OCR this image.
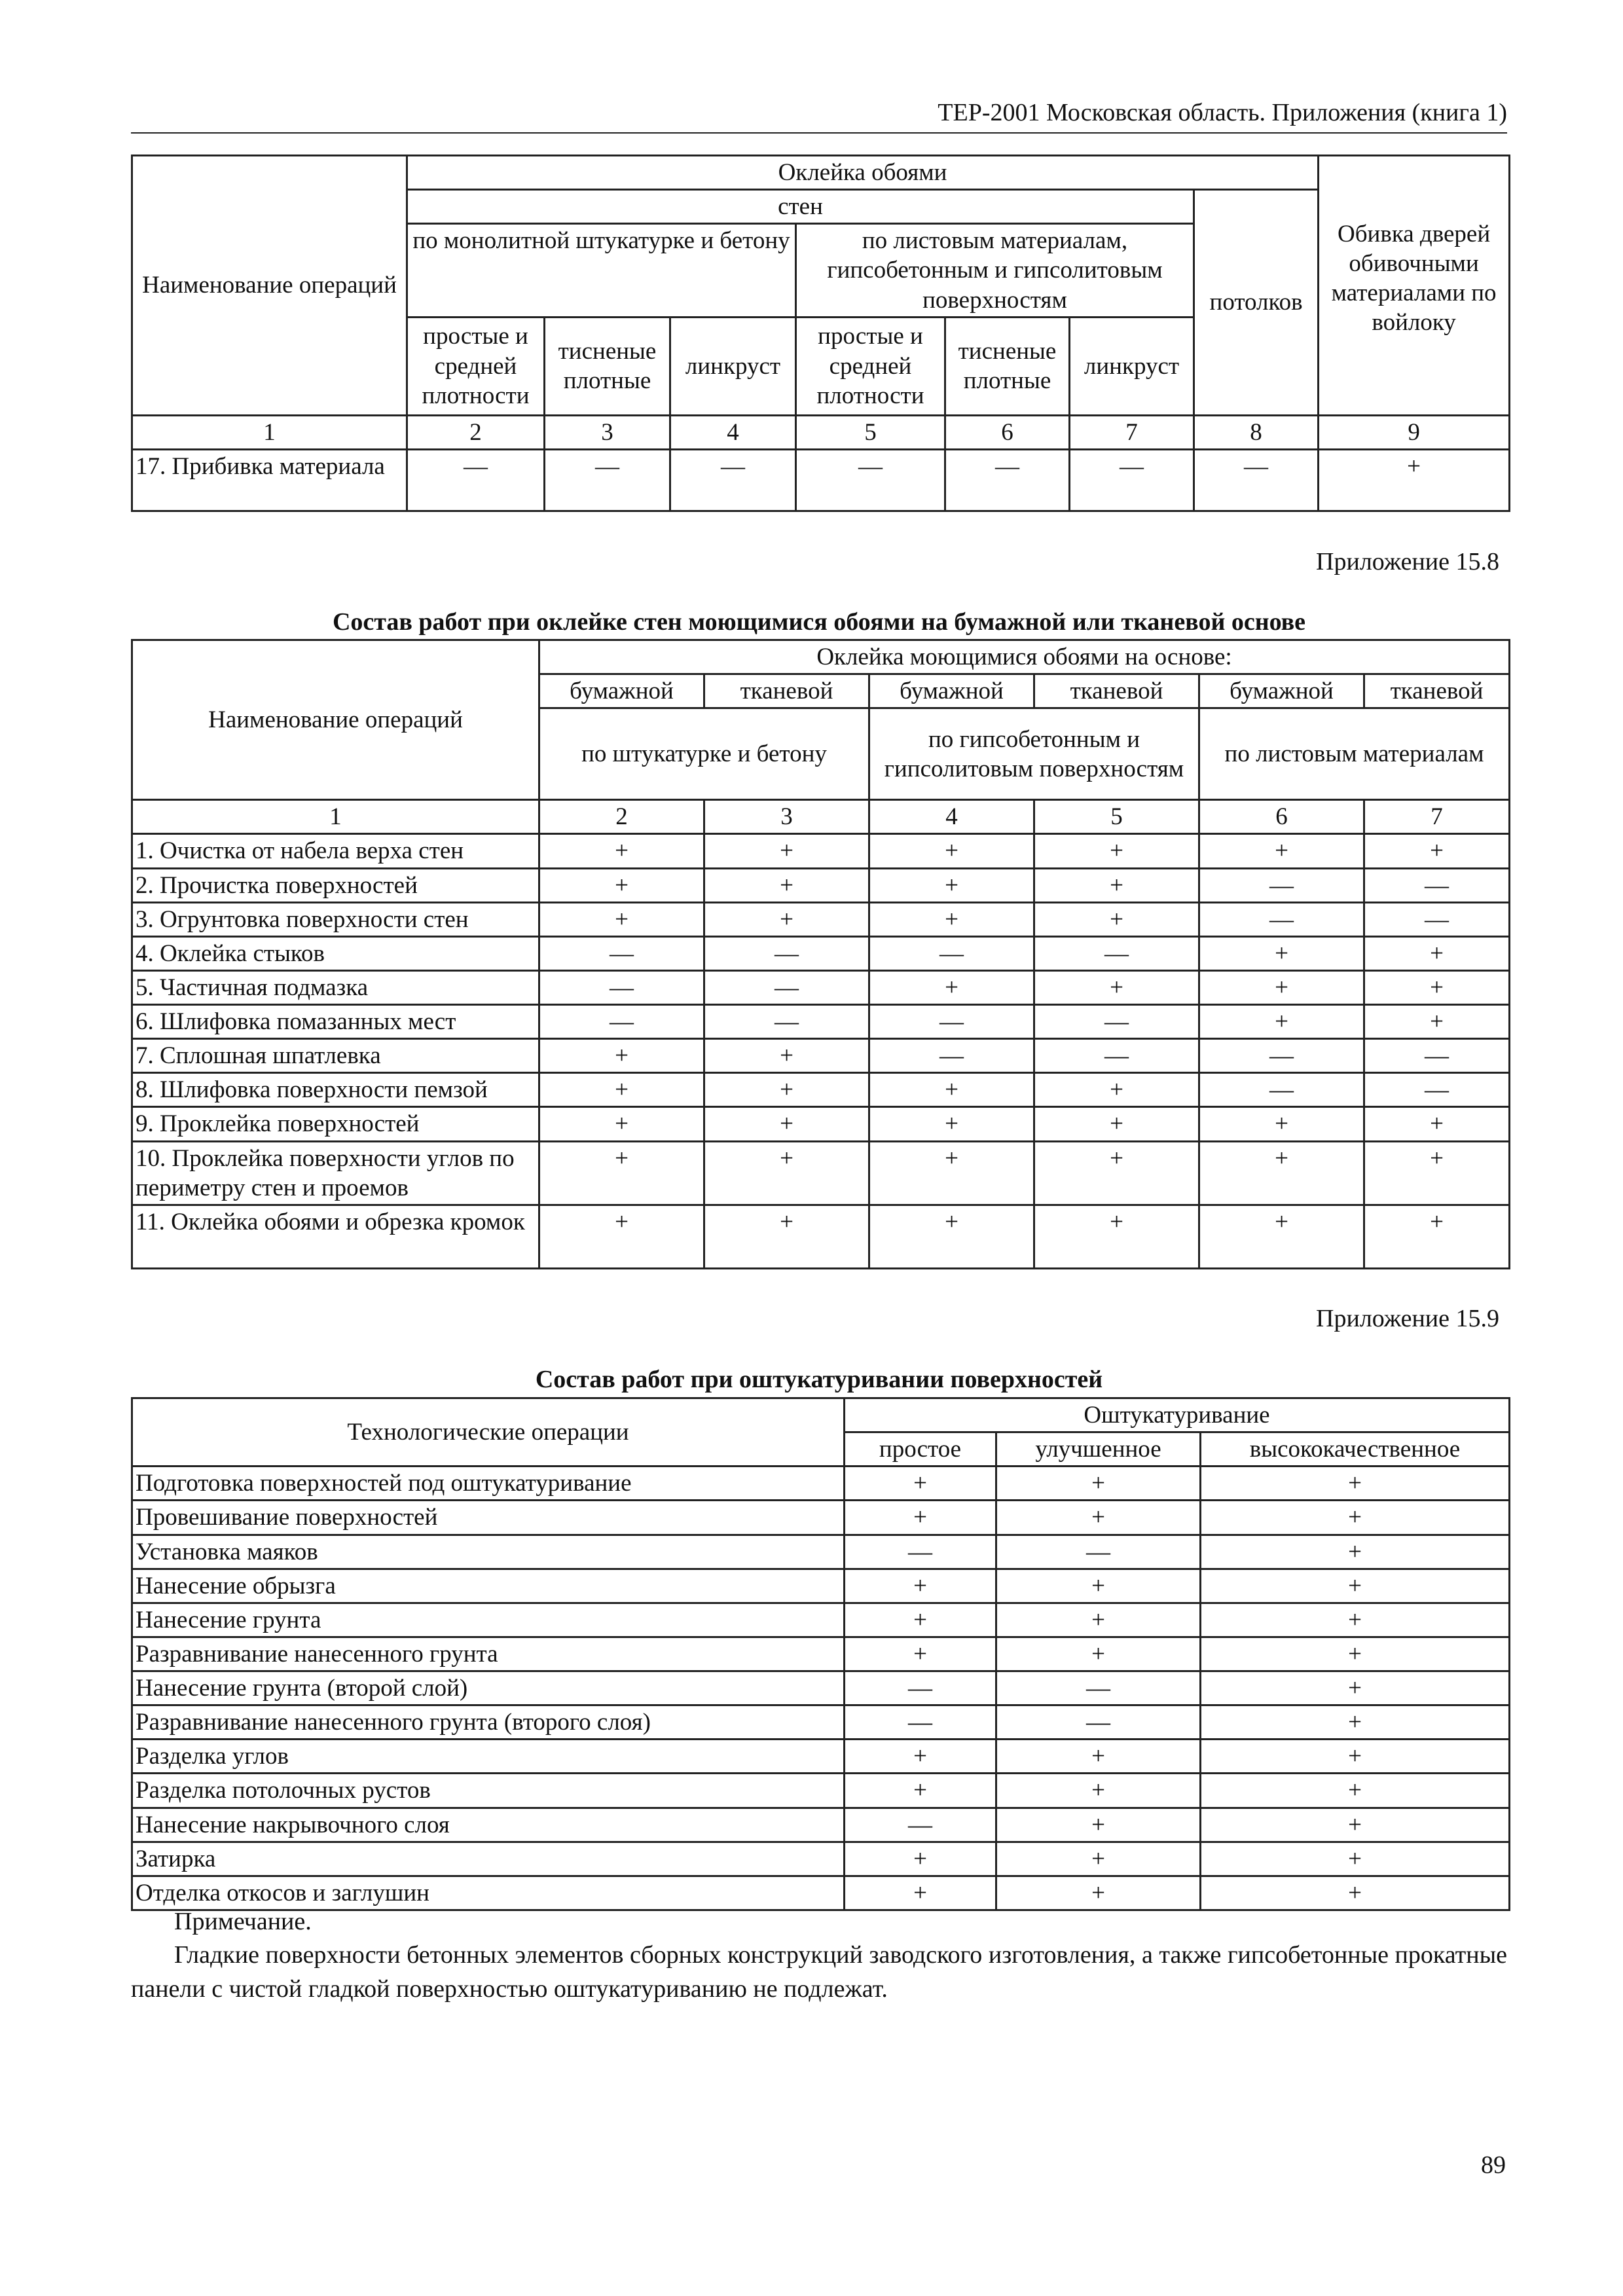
ТЕР-2001 Московская область. Приложения (книга 1)
Наименование операций	Оклейка обоями							Обивка дверей обивочными материалами по войлоку
	стен						потолков	
	по монолитной штукатурке и бетону			по листовым материалам, гипсобетонным и гипсолитовым поверхностям				
	простые и средней плотности	тисненые плотные	линкруст	простые и средней плотности	тисненые плотные	линкруст		
1	2	3	4	5	6	7	8	9
17. Прибивка материала	—	—	—	—	—	—	—	+
Приложение 15.8
Состав работ при оклейке стен моющимися обоями на бумажной или тканевой основе
Наименование операций	Оклейка моющимися обоями на основе:					
	бумажной	тканевой	бумажной	тканевой	бумажной	тканевой
	по штукатурке и бетону		по гипсобетонным и гипсолитовым поверхностям		по листовым материалам	
1	2	3	4	5	6	7
1. Очистка от набела верха стен	+	+	+	+	+	+
2. Прочистка поверхностей	+	+	+	+	—	—
3. Огрунтовка поверхности стен	+	+	+	+	—	—
4. Оклейка стыков	—	—	—	—	+	+
5. Частичная подмазка	—	—	+	+	+	+
6. Шлифовка помазанных мест	—	—	—	—	+	+
7. Сплошная шпатлевка	+	+	—	—	—	—
8. Шлифовка поверхности пемзой	+	+	+	+	—	—
9. Проклейка поверхностей	+	+	+	+	+	+
10. Проклейка поверхности углов по периметру стен и проемов	+	+	+	+	+	+
11. Оклейка обоями и обрезка кромок	+	+	+	+	+	+
Приложение 15.9
Состав работ при оштукатуривании поверхностей
Технологические операции	Оштукатуривание		
	простое	улучшенное	высококачественное
Подготовка поверхностей под оштукатуривание	+	+	+
Провешивание поверхностей	+	+	+
Установка маяков	—	—	+
Нанесение обрызга	+	+	+
Нанесение грунта	+	+	+
Разравнивание нанесенного грунта	+	+	+
Нанесение грунта (второй слой)	—	—	+
Разравнивание нанесенного грунта (второго слоя)	—	—	+
Разделка углов	+	+	+
Разделка потолочных рустов	+	+	+
Нанесение накрывочного слоя	—	+	+
Затирка	+	+	+
Отделка откосов и заглушин	+	+	+

Примечание.

Гладкие поверхности бетонных элементов сборных конструкций заводского изготовления, а также гипсобетонные прокатные панели с чистой гладкой поверхностью оштукатуриванию не подлежат.

89
